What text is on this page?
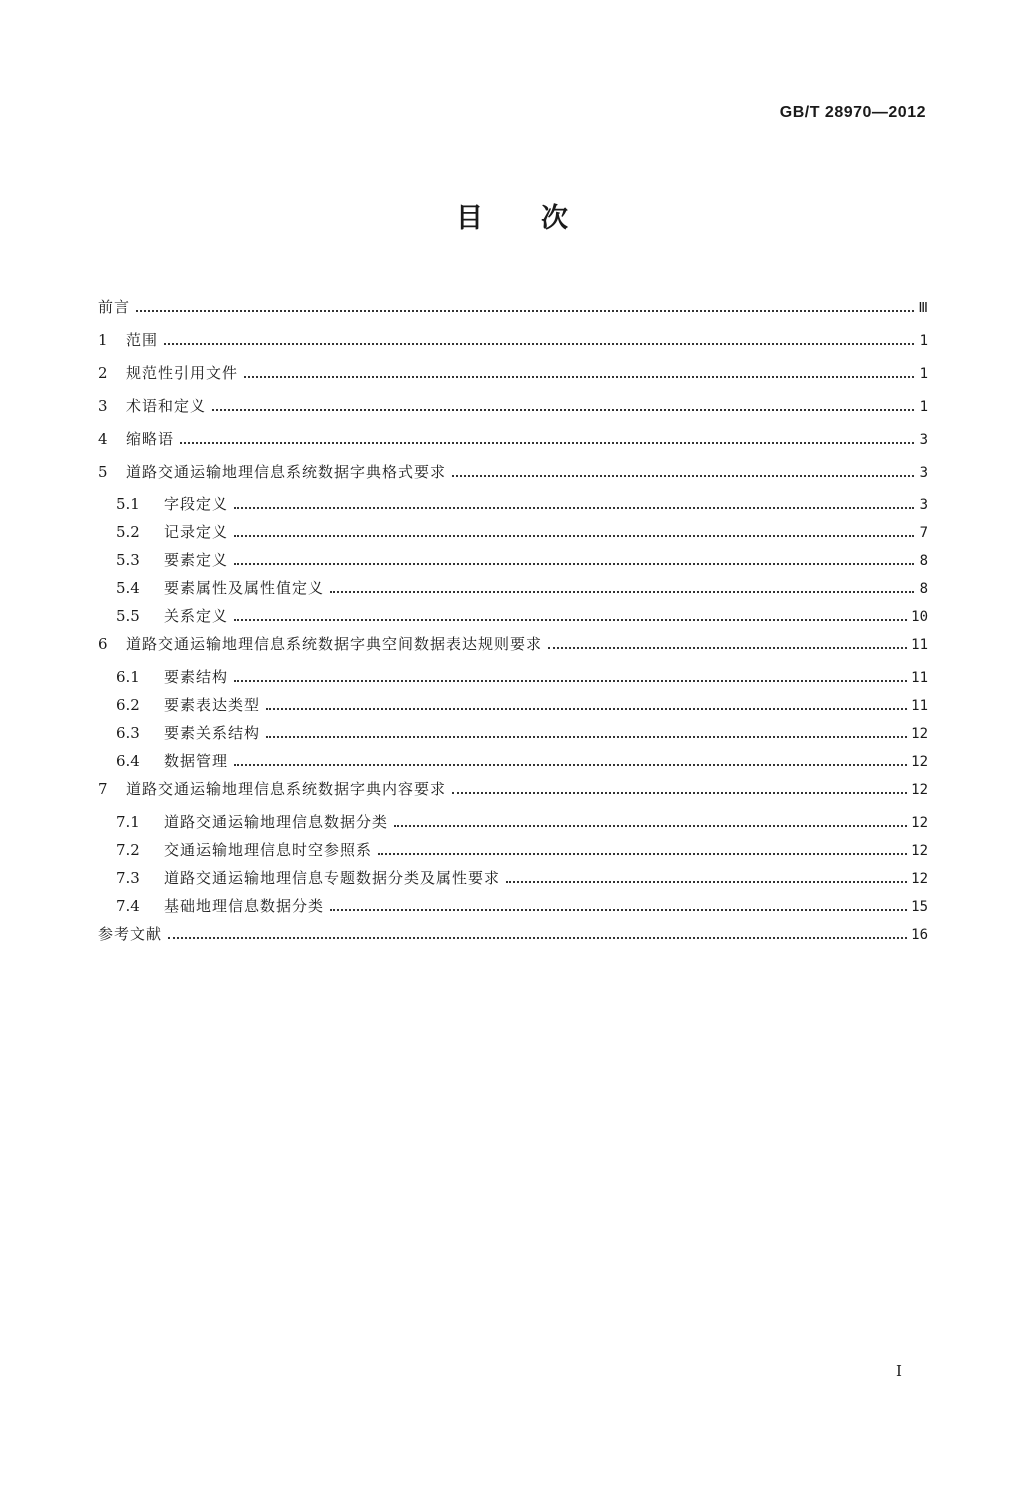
GB/T 28970—2012
目 次
前言	Ⅲ
1	范围	1
2	规范性引用文件	1
3	术语和定义	1
4	缩略语	3
5	道路交通运输地理信息系统数据字典格式要求	3
5.1	字段定义	3
5.2	记录定义	7
5.3	要素定义	8
5.4	要素属性及属性值定义	8
5.5	关系定义	10
6	道路交通运输地理信息系统数据字典空间数据表达规则要求	11
6.1	要素结构	11
6.2	要素表达类型	11
6.3	要素关系结构	12
6.4	数据管理	12
7	道路交通运输地理信息系统数据字典内容要求	12
7.1	道路交通运输地理信息数据分类	12
7.2	交通运输地理信息时空参照系	12
7.3	道路交通运输地理信息专题数据分类及属性要求	12
7.4	基础地理信息数据分类	15
参考文献	16
I
